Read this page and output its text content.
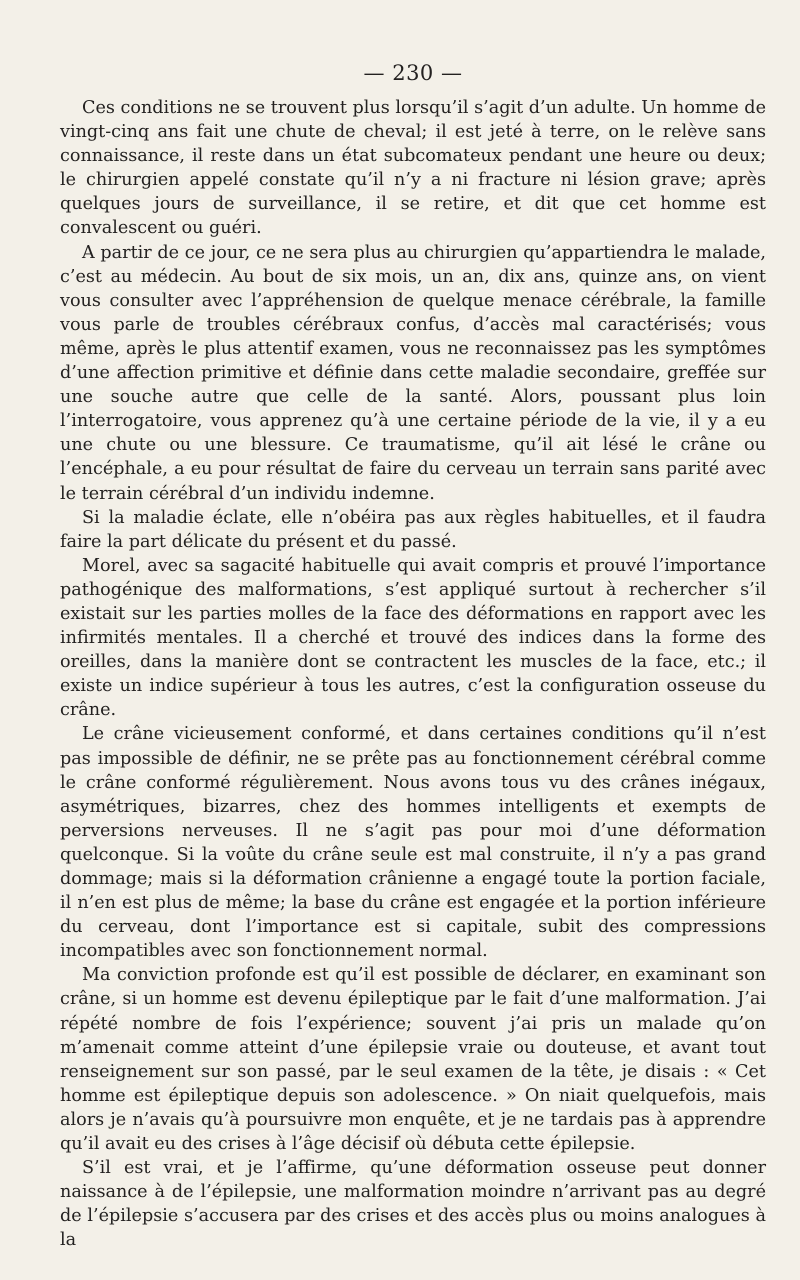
— 230 —

Ces conditions ne se trouvent plus lorsqu’il s’agit d’un adulte. Un homme de vingt-cinq ans fait une chute de cheval; il est jeté à terre, on le relève sans connaissance, il reste dans un état subcomateux pendant une heure ou deux; le chirurgien appelé constate qu’il n’y a ni fracture ni lésion grave; après quelques jours de surveillance, il se retire, et dit que cet homme est convalescent ou guéri.

A partir de ce jour, ce ne sera plus au chirurgien qu’appartiendra le malade, c’est au médecin. Au bout de six mois, un an, dix ans, quinze ans, on vient vous consulter avec l’appréhension de quelque menace cérébrale, la famille vous parle de troubles cérébraux confus, d’accès mal caractérisés; vous même, après le plus attentif examen, vous ne reconnaissez pas les symptômes d’une affection primitive et définie dans cette maladie secondaire, greffée sur une souche autre que celle de la santé. Alors, poussant plus loin l’interrogatoire, vous apprenez qu’à une certaine période de la vie, il y a eu une chute ou une blessure. Ce traumatisme, qu’il ait lésé le crâne ou l’encéphale, a eu pour résultat de faire du cerveau un terrain sans parité avec le terrain cérébral d’un individu indemne.

Si la maladie éclate, elle n’obéira pas aux règles habituelles, et il faudra faire la part délicate du présent et du passé.

Morel, avec sa sagacité habituelle qui avait compris et prouvé l’importance pathogénique des malformations, s’est appliqué surtout à rechercher s’il existait sur les parties molles de la face des déformations en rapport avec les infirmités mentales. Il a cherché et trouvé des indices dans la forme des oreilles, dans la manière dont se contractent les muscles de la face, etc.; il existe un indice supérieur à tous les autres, c’est la configuration osseuse du crâne.

Le crâne vicieusement conformé, et dans certaines conditions qu’il n’est pas impossible de définir, ne se prête pas au fonctionnement cérébral comme le crâne conformé régulièrement. Nous avons tous vu des crânes inégaux, asymétriques, bizarres, chez des hommes intelligents et exempts de perversions nerveuses. Il ne s’agit pas pour moi d’une déformation quelconque. Si la voûte du crâne seule est mal construite, il n’y a pas grand dommage; mais si la déformation crânienne a engagé toute la portion faciale, il n’en est plus de même; la base du crâne est engagée et la portion inférieure du cerveau, dont l’importance est si capitale, subit des compressions incompatibles avec son fonctionnement normal.

Ma conviction profonde est qu’il est possible de déclarer, en examinant son crâne, si un homme est devenu épileptique par le fait d’une malformation. J’ai répété nombre de fois l’expérience; souvent j’ai pris un malade qu’on m’amenait comme atteint d’une épilepsie vraie ou douteuse, et avant tout renseignement sur son passé, par le seul examen de la tête, je disais : « Cet homme est épileptique depuis son adolescence. » On niait quelquefois, mais alors je n’avais qu’à poursuivre mon enquête, et je ne tardais pas à apprendre qu’il avait eu des crises à l’âge décisif où débuta cette épilepsie.

S’il est vrai, et je l’affirme, qu’une déformation osseuse peut donner naissance à de l’épilepsie, une malformation moindre n’arrivant pas au degré de l’épilepsie s’accusera par des crises et des accès plus ou moins analogues à la
